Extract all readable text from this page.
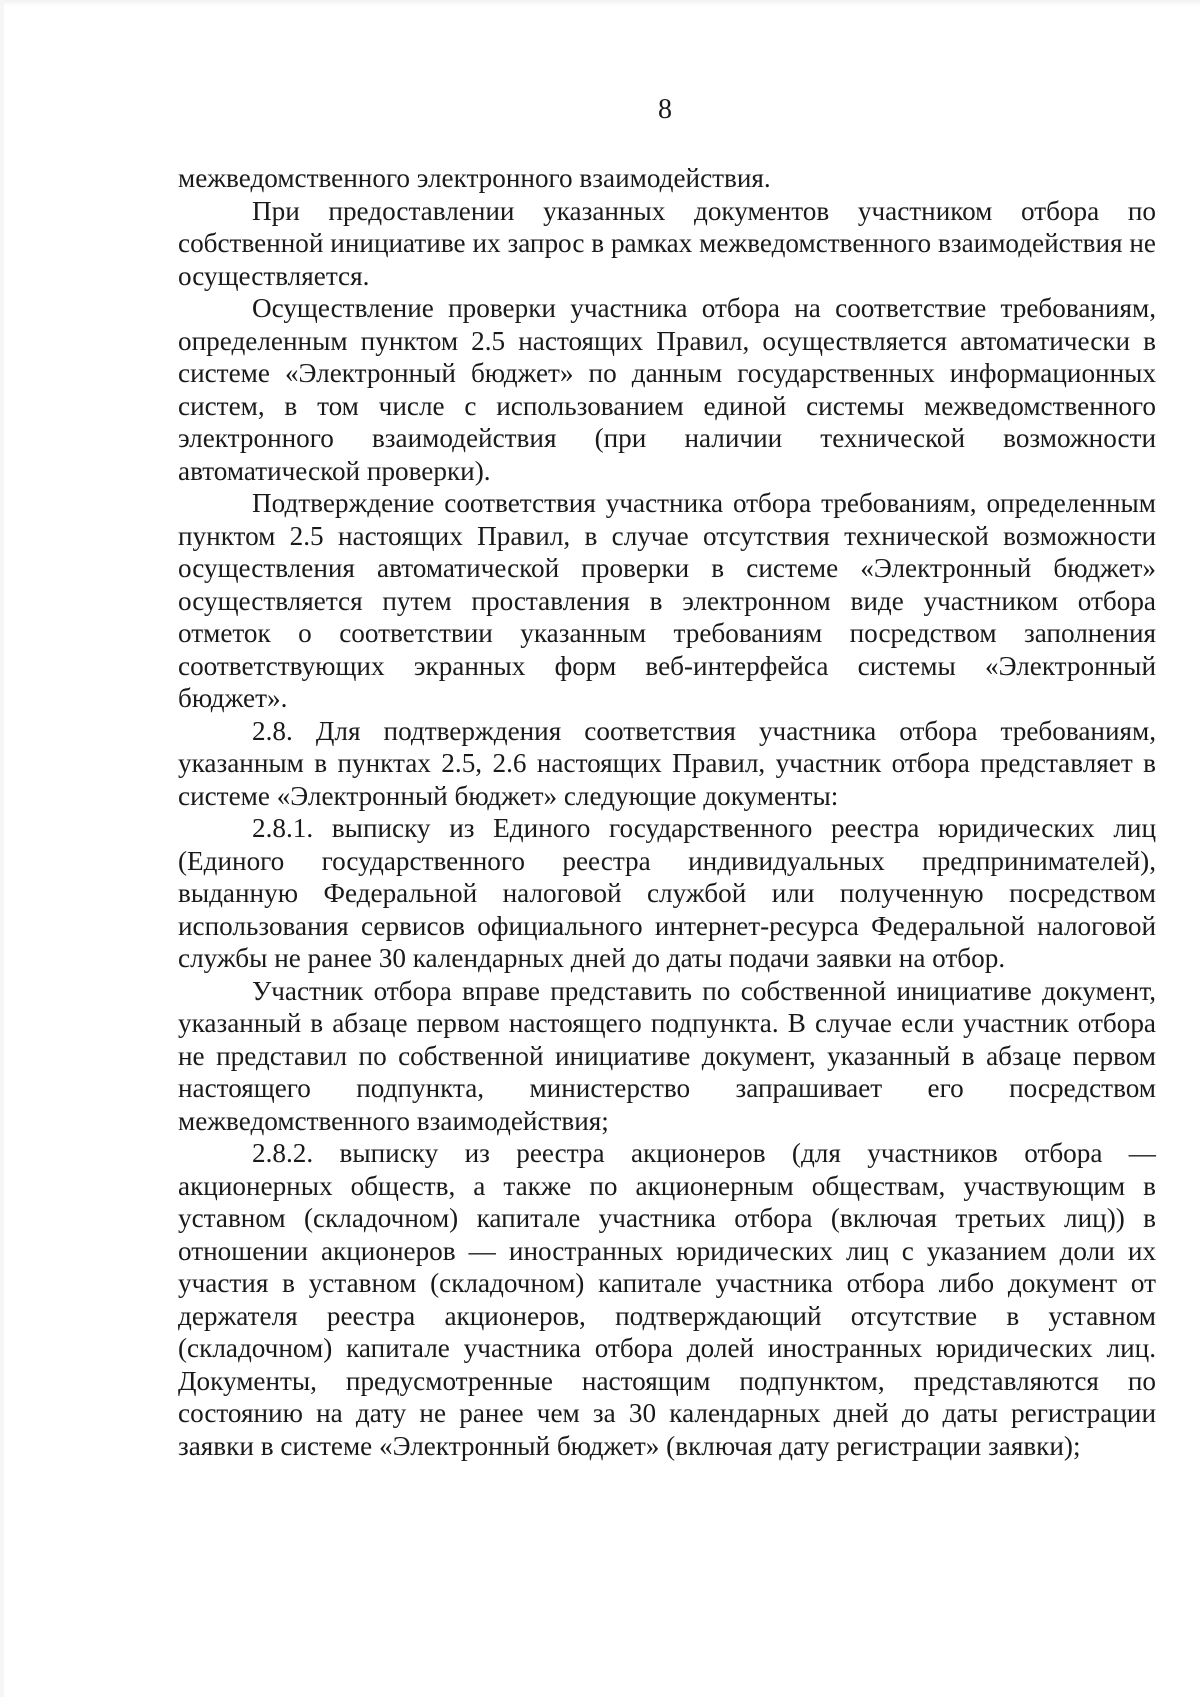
8

межведомственного электронного взаимодействия.

При предоставлении указанных документов участником отбора по собственной инициативе их запрос в рамках межведомственного взаимодействия не осуществляется.

Осуществление проверки участника отбора на соответствие требованиям, определенным пунктом 2.5 настоящих Правил, осуществляется автоматически в системе «Электронный бюджет» по данным государственных информационных систем, в том числе с использованием единой системы межведомственного электронного взаимодействия (при наличии технической возможности автоматической проверки).

Подтверждение соответствия участника отбора требованиям, определенным пунктом 2.5 настоящих Правил, в случае отсутствия технической возможности осуществления автоматической проверки в системе «Электронный бюджет» осуществляется путем проставления в электронном виде участником отбора отметок о соответствии указанным требованиям посредством заполнения соответствующих экранных форм веб-интерфейса системы «Электронный бюджет».

2.8. Для подтверждения соответствия участника отбора требованиям, указанным в пунктах 2.5, 2.6 настоящих Правил, участник отбора представляет в системе «Электронный бюджет» следующие документы:

2.8.1. выписку из Единого государственного реестра юридических лиц (Единого государственного реестра индивидуальных предпринимателей), выданную Федеральной налоговой службой или полученную посредством использования сервисов официального интернет-ресурса Федеральной налоговой службы не ранее 30 календарных дней до даты подачи заявки на отбор.

Участник отбора вправе представить по собственной инициативе документ, указанный в абзаце первом настоящего подпункта. В случае если участник отбора не представил по собственной инициативе документ, указанный в абзаце первом настоящего подпункта, министерство запрашивает его посредством межведомственного взаимодействия;

2.8.2. выписку из реестра акционеров (для участников отбора — акционерных обществ, а также по акционерным обществам, участвующим в уставном (складочном) капитале участника отбора (включая третьих лиц)) в отношении акционеров — иностранных юридических лиц с указанием доли их участия в уставном (складочном) капитале участника отбора либо документ от держателя реестра акционеров, подтверждающий отсутствие в уставном (складочном) капитале участника отбора долей иностранных юридических лиц. Документы, предусмотренные настоящим подпунктом, представляются по состоянию на дату не ранее чем за 30 календарных дней до даты регистрации заявки в системе «Электронный бюджет» (включая дату регистрации заявки);
